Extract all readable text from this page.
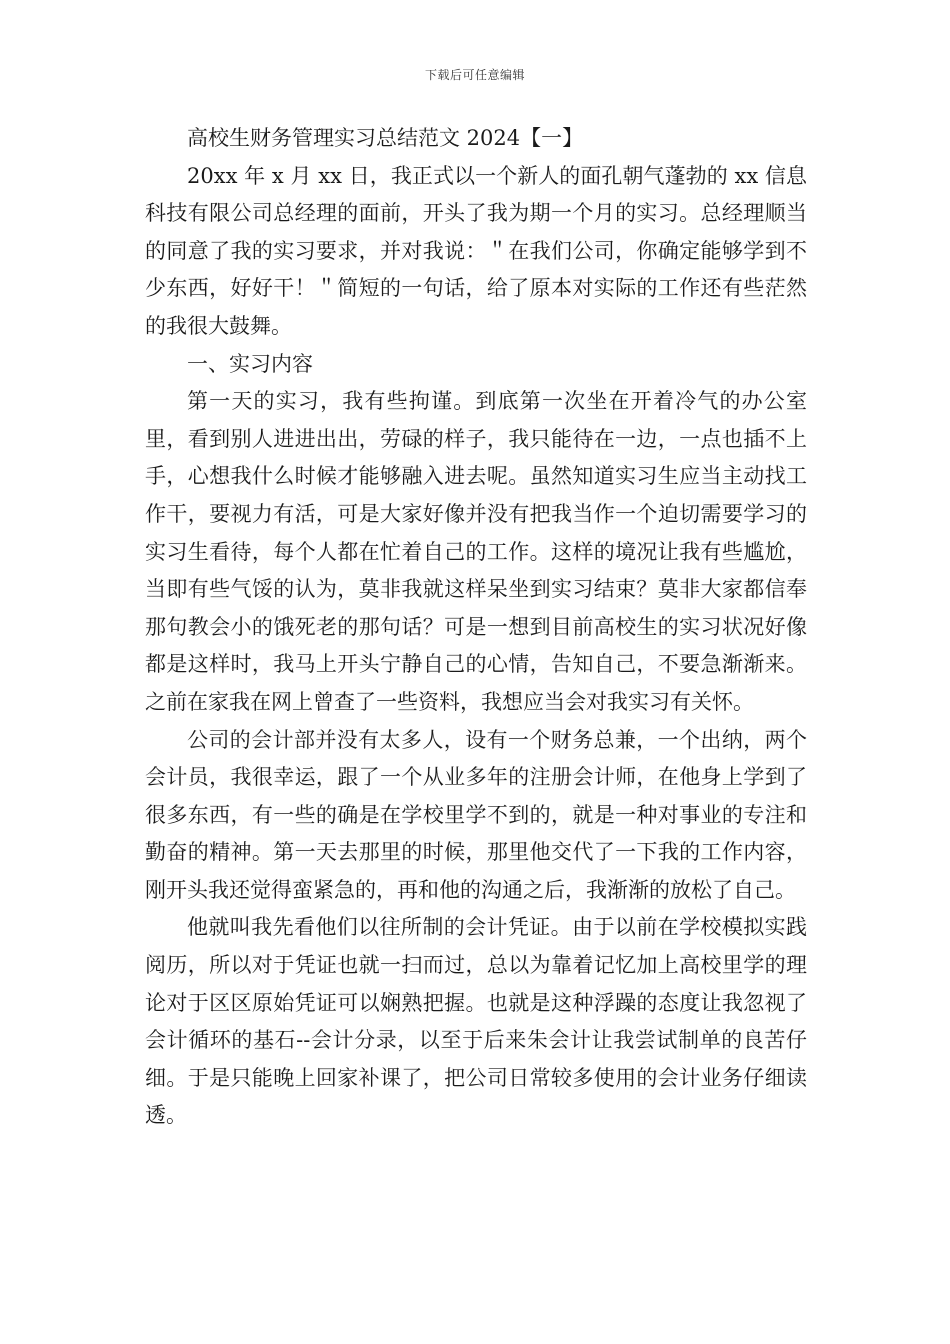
下载后可任意编辑

高校生财务管理实习总结范文 2024【一】

20xx 年 x 月 xx 日，我正式以一个新人的面孔朝气蓬勃的 xx 信息科技有限公司总经理的面前，开头了我为期一个月的实习。总经理顺当的同意了我的实习要求，并对我说：＂在我们公司，你确定能够学到不少东西，好好干！＂简短的一句话，给了原本对实际的工作还有些茫然的我很大鼓舞。

一、实习内容

第一天的实习，我有些拘谨。到底第一次坐在开着冷气的办公室里，看到别人进进出出，劳碌的样子，我只能待在一边，一点也插不上手，心想我什么时候才能够融入进去呢。虽然知道实习生应当主动找工作干，要视力有活，可是大家好像并没有把我当作一个迫切需要学习的实习生看待，每个人都在忙着自己的工作。这样的境况让我有些尴尬，当即有些气馁的认为，莫非我就这样呆坐到实习结束？莫非大家都信奉那句教会小的饿死老的那句话？可是一想到目前高校生的实习状况好像都是这样时，我马上开头宁静自己的心情，告知自己，不要急渐渐来。之前在家我在网上曾查了一些资料，我想应当会对我实习有关怀。

公司的会计部并没有太多人，设有一个财务总兼，一个出纳，两个会计员，我很幸运，跟了一个从业多年的注册会计师，在他身上学到了很多东西，有一些的确是在学校里学不到的，就是一种对事业的专注和勤奋的精神。第一天去那里的时候，那里他交代了一下我的工作内容，刚开头我还觉得蛮紧急的，再和他的沟通之后，我渐渐的放松了自己。

他就叫我先看他们以往所制的会计凭证。由于以前在学校模拟实践阅历，所以对于凭证也就一扫而过，总以为靠着记忆加上高校里学的理论对于区区原始凭证可以娴熟把握。也就是这种浮躁的态度让我忽视了会计循环的基石--会计分录，以至于后来朱会计让我尝试制单的良苦仔细。于是只能晚上回家补课了，把公司日常较多使用的会计业务仔细读透。
